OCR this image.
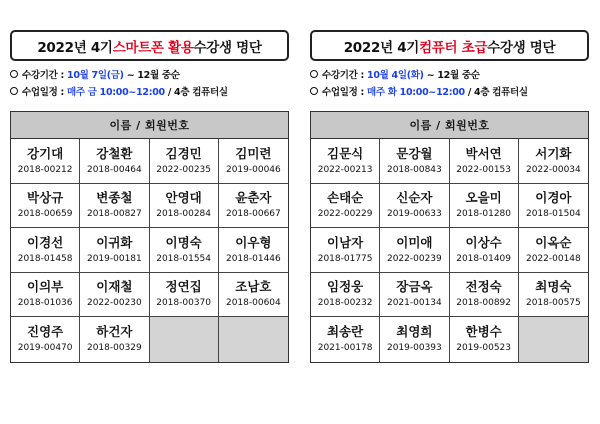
2022년 4기 스마트폰 활용 수강생 명단
수강기간 : 10월 7일(금) ~ 12월 중순
수업일정 : 매주 금 10:00~12:00 / 4층 컴퓨터실
이름 / 회원번호
강기대
2018-00212
강철환
2018-00464
김경민
2022-00235
김미련
2019-00046
박상규
2018-00659
변종철
2018-00827
안영대
2018-00284
윤춘자
2018-00667
이경선
2018-01458
이귀화
2019-00181
이명숙
2018-01554
이우형
2018-01446
이의부
2018-01036
이재철
2022-00230
정연집
2018-00370
조남호
2018-00604
진영주
2019-00470
하건자
2018-00329
2022년 4기 컴퓨터 초급 수강생 명단
수강기간 : 10월 4일(화) ~ 12월 중순
수업일정 : 매주 화 10:00~12:00 / 4층 컴퓨터실
이름 / 회원번호
김문식
2022-00213
문강월
2018-00843
박서연
2022-00153
서기화
2022-00034
손태순
2022-00229
신순자
2019-00633
오을미
2018-01280
이경아
2018-01504
이남자
2018-01775
이미애
2022-00239
이상수
2018-01409
이옥순
2022-00148
임정웅
2018-00232
장금옥
2021-00134
전정숙
2018-00892
최명숙
2018-00575
최송란
2021-00178
최영희
2019-00393
한병수
2019-00523
